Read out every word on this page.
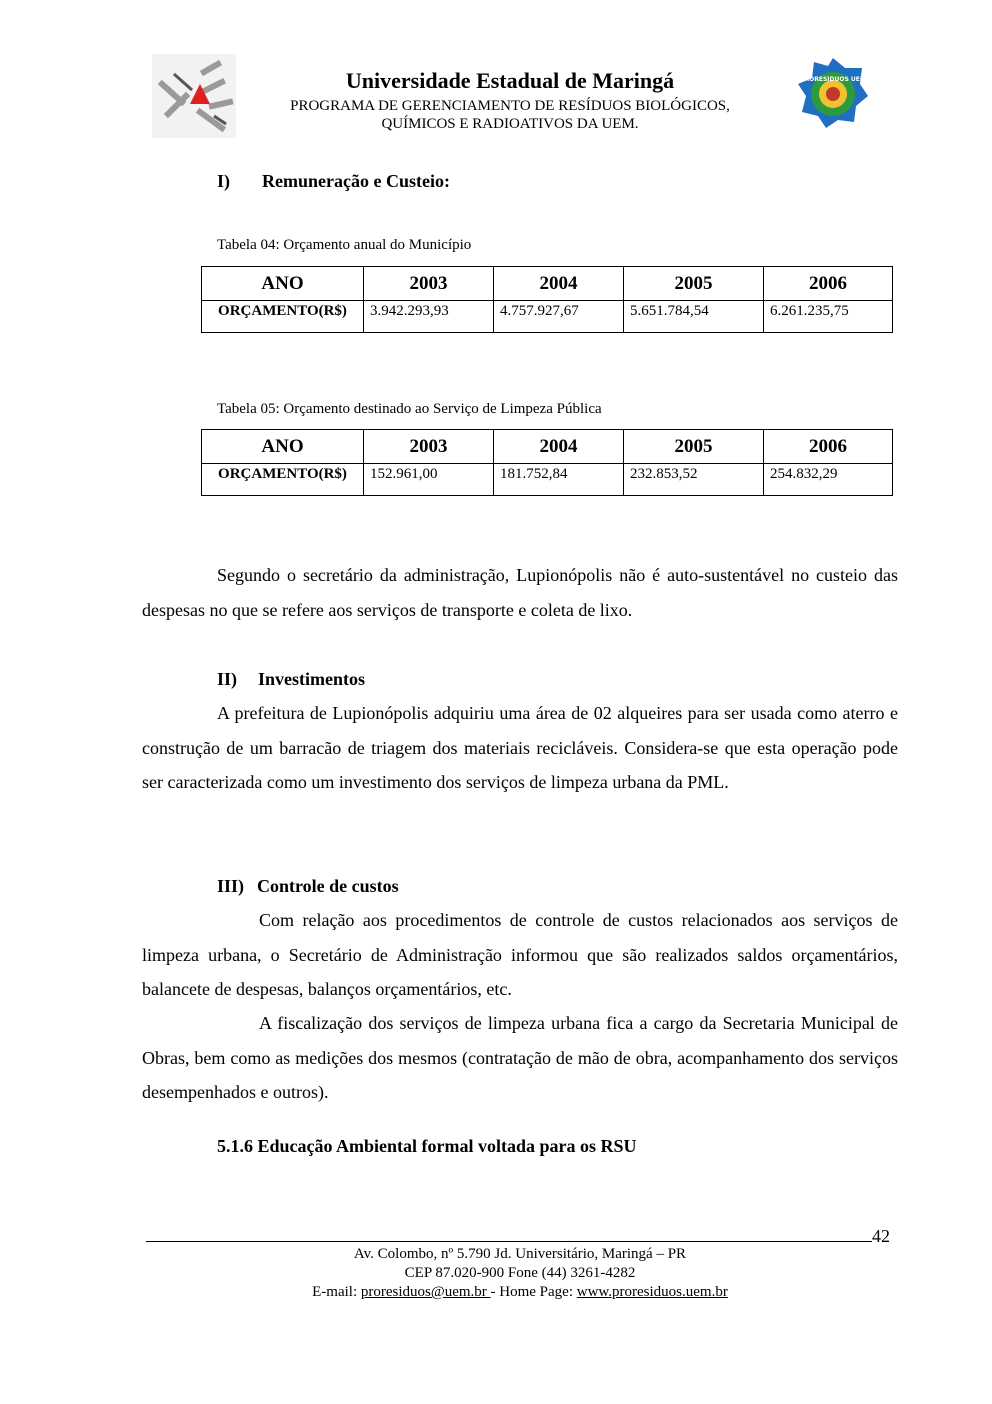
Universidade Estadual de Maringá
PROGRAMA DE GERENCIAMENTO DE RESÍDUOS BIOLÓGICOS,
QUÍMICOS E RADIOATIVOS DA UEM.
PRORESIDUOS UEM
I) Remuneração e Custeio:
Tabela 04: Orçamento anual do Município
ANO	2003	2004	2005	2006
ORÇAMENTO(R$)	3.942.293,93	4.757.927,67	5.651.784,54	6.261.235,75
Tabela 05: Orçamento destinado ao Serviço de Limpeza Pública
ANO	2003	2004	2005	2006
ORÇAMENTO(R$)	152.961,00	181.752,84	232.853,52	254.832,29

Segundo o secretário da administração, Lupionópolis não é auto-sustentável no custeio das despesas no que se refere aos serviços de transporte e coleta de lixo.

II) Investimentos

A prefeitura de Lupionópolis adquiriu uma área de 02 alqueires para ser usada como aterro e construção de um barracão de triagem dos materiais recicláveis. Considera-se que esta operação pode ser caracterizada como um investimento dos serviços de limpeza urbana da PML.

III) Controle de custos

Com relação aos procedimentos de controle de custos relacionados aos serviços de limpeza urbana, o Secretário de Administração informou que são realizados saldos orçamentários, balancete de despesas, balanços orçamentários, etc.

A fiscalização dos serviços de limpeza urbana fica a cargo da Secretaria Municipal de Obras, bem como as medições dos mesmos (contratação de mão de obra, acompanhamento dos serviços desempenhados e outros).

5.1.6 Educação Ambiental formal voltada para os RSU
42
Av. Colombo, nº 5.790 Jd. Universitário, Maringá – PR
CEP 87.020-900 Fone (44) 3261-4282
E-mail: proresiduos@uem.br - Home Page: www.proresiduos.uem.br
